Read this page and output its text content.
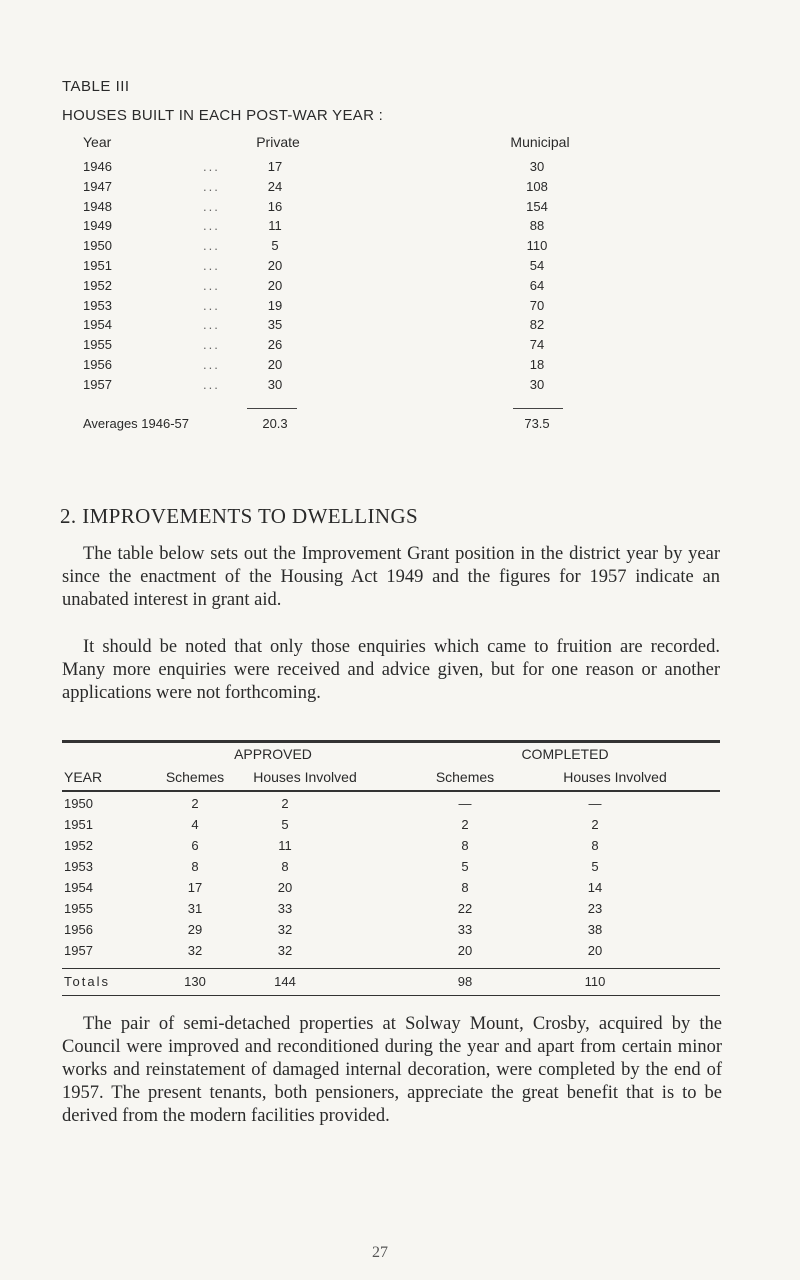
TABLE III
HOUSES BUILT IN EACH POST-WAR YEAR :
Year	Private	Municipal
1946	...	17	30
1947	...	24	108
1948	...	16	154
1949	...	11	88
1950	...	5	110
1951	...	20	54
1952	...	20	64
1953	...	19	70
1954	...	35	82
1955	...	26	74
1956	...	20	18
1957	...	30	30
Averages 1946-57	20.3	73.5
2. IMPROVEMENTS TO DWELLINGS
The table below sets out the Improvement Grant position in the district year by year since the enactment of the Housing Act 1949 and the figures for 1957 indicate an unabated interest in grant aid.
It should be noted that only those enquiries which came to fruition are recorded. Many more enquiries were received and advice given, but for one reason or another applications were not forthcoming.
APPROVED	COMPLETED
YEAR	Schemes	Houses Involved	Schemes	Houses Involved
1950	2	2	—	—
1951	4	5	2	2
1952	6	11	8	8
1953	8	8	5	5
1954	17	20	8	14
1955	31	33	22	23
1956	29	32	33	38
1957	32	32	20	20
Totals	130	144	98	110
The pair of semi-detached properties at Solway Mount, Crosby, acquired by the Council were improved and reconditioned during the year and apart from certain minor works and reinstatement of damaged internal decoration, were completed by the end of 1957. The present tenants, both pensioners, appreciate the great benefit that is to be derived from the modern facilities provided.
27
